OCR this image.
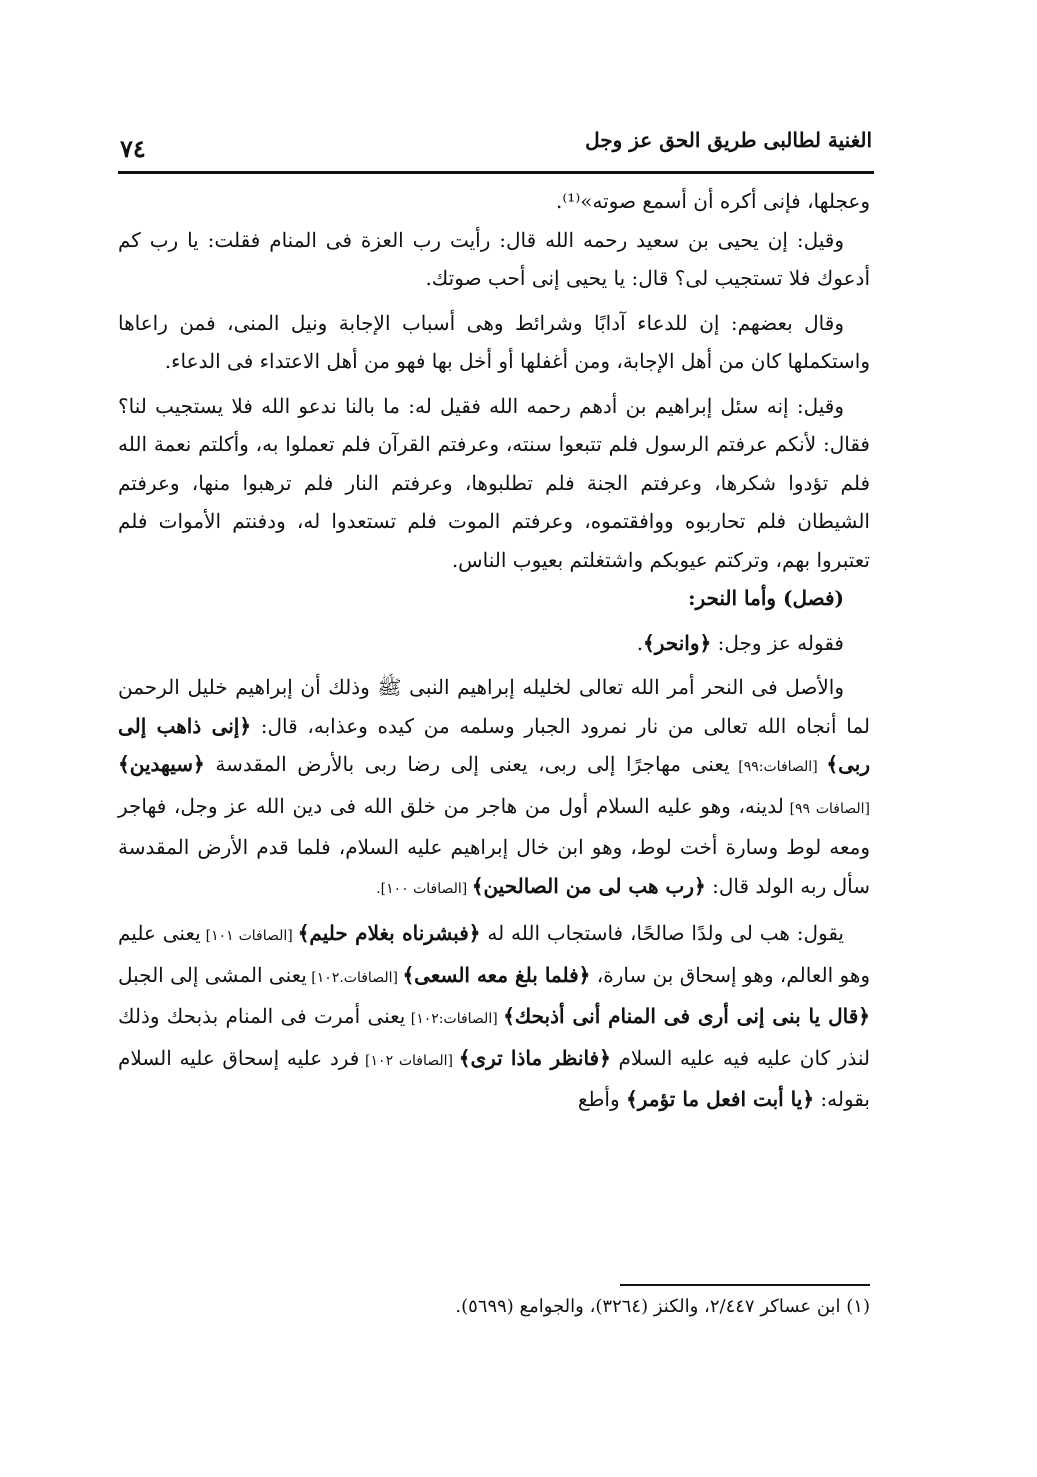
الغنية لطالبى طريق الحق عز وجل
٧٤

وعجلها، فإنى أكره أن أسمع صوته»⁽¹⁾.

وقيل: إن يحيى بن سعيد رحمه الله قال: رأيت رب العزة فى المنام فقلت: يا رب كم أدعوك فلا تستجيب لى؟ قال: يا يحيى إنى أحب صوتك.

وقال بعضهم: إن للدعاء آدابًا وشرائط وهى أسباب الإجابة ونيل المنى، فمن راعاها واستكملها كان من أهل الإجابة، ومن أغفلها أو أخل بها فهو من أهل الاعتداء فى الدعاء.

وقيل: إنه سئل إبراهيم بن أدهم رحمه الله فقيل له: ما بالنا ندعو الله فلا يستجيب لنا؟ فقال: لأنكم عرفتم الرسول فلم تتبعوا سنته، وعرفتم القرآن فلم تعملوا به، وأكلتم نعمة الله فلم تؤدوا شكرها، وعرفتم الجنة فلم تطلبوها، وعرفتم النار فلم ترهبوا منها، وعرفتم الشيطان فلم تحاربوه ووافقتموه، وعرفتم الموت فلم تستعدوا له، ودفنتم الأموات فلم تعتبروا بهم، وتركتم عيوبكم واشتغلتم بعيوب الناس.

(فصل) وأما النحر:

فقوله عز وجل: ﴿وانحر﴾.

والأصل فى النحر أمر الله تعالى لخليله إبراهيم النبى ﷺ وذلك أن إبراهيم خليل الرحمن لما أنجاه الله تعالى من نار نمرود الجبار وسلمه من كيده وعذابه، قال: ﴿إنى ذاهب إلى ربى﴾ [الصافات:٩٩] يعنى مهاجرًا إلى ربى، يعنى إلى رضا ربى بالأرض المقدسة ﴿سيهدين﴾ [الصافات ٩٩] لدينه، وهو عليه السلام أول من هاجر من خلق الله فى دين الله عز وجل، فهاجر ومعه لوط وسارة أخت لوط، وهو ابن خال إبراهيم عليه السلام، فلما قدم الأرض المقدسة سأل ربه الولد قال: ﴿رب هب لى من الصالحين﴾ [الصافات ١٠٠].

يقول: هب لى ولدًا صالحًا، فاستجاب الله له ﴿فبشرناه بغلام حليم﴾ [الصافات ١٠١] يعنى عليم وهو العالم، وهو إسحاق بن سارة، ﴿فلما بلغ معه السعى﴾ [الصافات.١٠٢] يعنى المشى إلى الجبل ﴿قال يا بنى إنى أرى فى المنام أنى أذبحك﴾ [الصافات:١٠٢] يعنى أمرت فى المنام بذبحك وذلك لنذر كان عليه فيه عليه السلام ﴿فانظر ماذا ترى﴾ [الصافات ١٠٢] فرد عليه إسحاق عليه السلام بقوله: ﴿يا أبت افعل ما تؤمر﴾ وأطع

(١) ابن عساكر ٢/٤٤٧، والكنز (٣٢٦٤)، والجوامع (٥٦٩٩).
